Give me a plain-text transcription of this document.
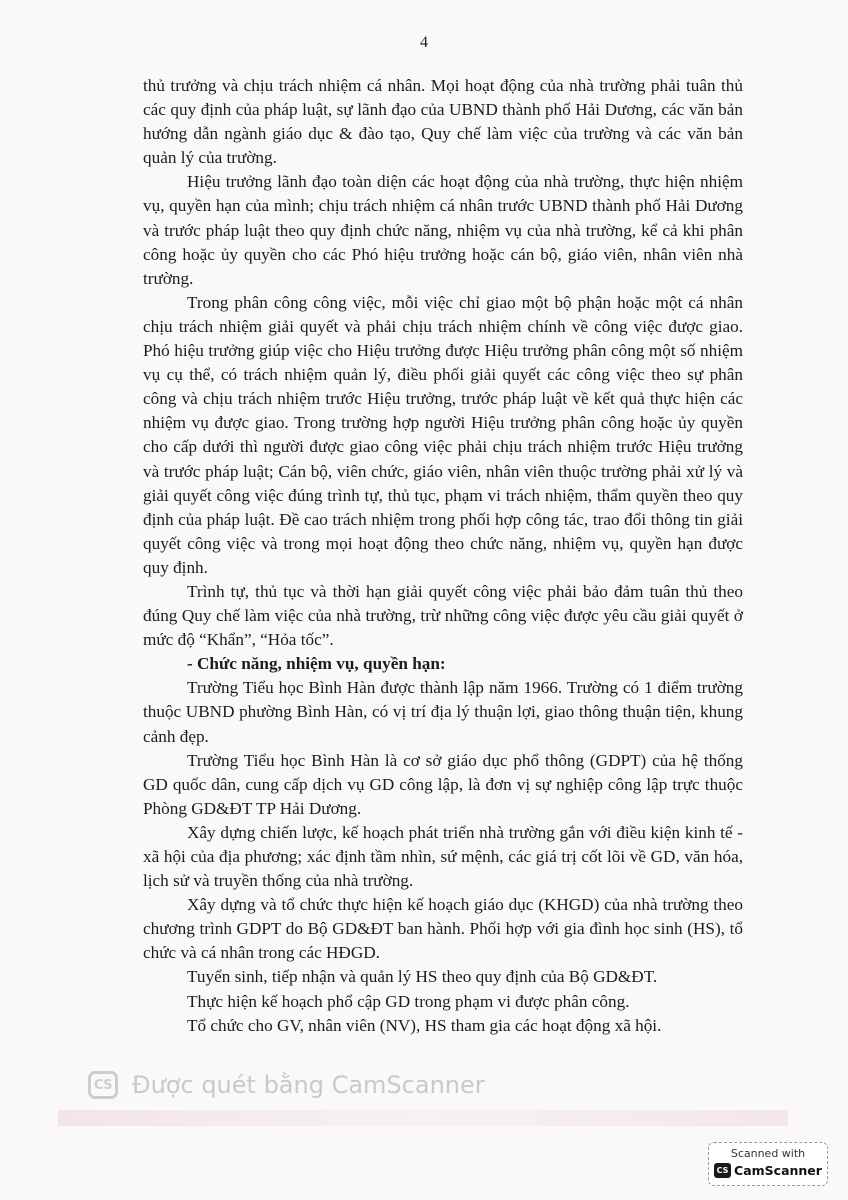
4

thủ trưởng và chịu trách nhiệm cá nhân. Mọi hoạt động của nhà trường phải tuân thủ các quy định của pháp luật, sự lãnh đạo của UBND thành phố Hải Dương, các văn bản hướng dẫn ngành giáo dục & đào tạo, Quy chế làm việc của trường và các văn bản quản lý của trường.

Hiệu trưởng lãnh đạo toàn diện các hoạt động của nhà trường, thực hiện nhiệm vụ, quyền hạn của mình; chịu trách nhiệm cá nhân trước UBND thành phố Hải Dương và trước pháp luật theo quy định chức năng, nhiệm vụ của nhà trường, kể cả khi phân công hoặc ủy quyền cho các Phó hiệu trưởng hoặc cán bộ, giáo viên, nhân viên nhà trường.

Trong phân công công việc, mỗi việc chỉ giao một bộ phận hoặc một cá nhân chịu trách nhiệm giải quyết và phải chịu trách nhiệm chính về công việc được giao. Phó hiệu trưởng giúp việc cho Hiệu trưởng được Hiệu trưởng phân công một số nhiệm vụ cụ thể, có trách nhiệm quản lý, điều phối giải quyết các công việc theo sự phân công và chịu trách nhiệm trước Hiệu trưởng, trước pháp luật về kết quả thực hiện các nhiệm vụ được giao. Trong trường hợp người Hiệu trưởng phân công hoặc ủy quyền cho cấp dưới thì người được giao công việc phải chịu trách nhiệm trước Hiệu trưởng và trước pháp luật; Cán bộ, viên chức, giáo viên, nhân viên thuộc trường phải xử lý và giải quyết công việc đúng trình tự, thủ tục, phạm vi trách nhiệm, thẩm quyền theo quy định của pháp luật. Đề cao trách nhiệm trong phối hợp công tác, trao đổi thông tin giải quyết công việc và trong mọi hoạt động theo chức năng, nhiệm vụ, quyền hạn được quy định.

Trình tự, thủ tục và thời hạn giải quyết công việc phải bảo đảm tuân thủ theo đúng Quy chế làm việc của nhà trường, trừ những công việc được yêu cầu giải quyết ở mức độ “Khẩn”, “Hỏa tốc”.

- Chức năng, nhiệm vụ, quyền hạn:

Trường Tiểu học Bình Hàn được thành lập năm 1966. Trường có 1 điểm trường thuộc UBND phường Bình Hàn, có vị trí địa lý thuận lợi, giao thông thuận tiện, khung cảnh đẹp.

Trường Tiểu học Bình Hàn là cơ sở giáo dục phổ thông (GDPT) của hệ thống GD quốc dân, cung cấp dịch vụ GD công lập, là đơn vị sự nghiệp công lập trực thuộc Phòng GD&ĐT TP Hải Dương.

Xây dựng chiến lược, kế hoạch phát triển nhà trường gắn với điều kiện kinh tế - xã hội của địa phương; xác định tầm nhìn, sứ mệnh, các giá trị cốt lõi về GD, văn hóa, lịch sử và truyền thống của nhà trường.

Xây dựng và tổ chức thực hiện kế hoạch giáo dục (KHGD) của nhà trường theo chương trình GDPT do Bộ GD&ĐT ban hành. Phối hợp với gia đình học sinh (HS), tổ chức và cá nhân trong các HĐGD.

Tuyển sinh, tiếp nhận và quản lý HS theo quy định của Bộ GD&ĐT.

Thực hiện kế hoạch phổ cập GD trong phạm vi được phân công.

Tổ chức cho GV, nhân viên (NV), HS tham gia các hoạt động xã hội.

CS Được quét bằng CamScanner
Scanned with
CS CamScanner
